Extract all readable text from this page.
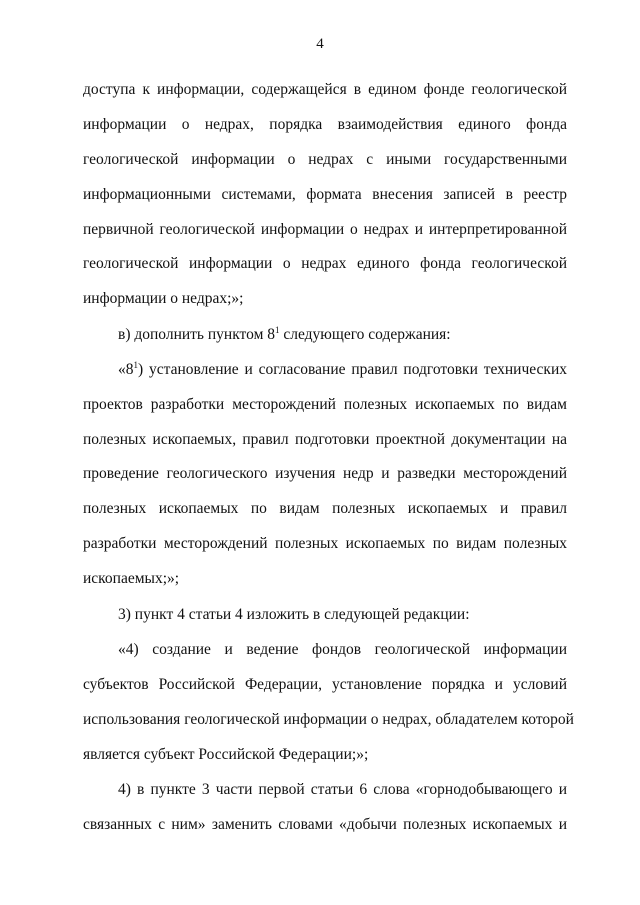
4
доступа к информации, содержащейся в едином фонде геологической
информации о недрах, порядка взаимодействия единого фонда
геологической информации о недрах с иными государственными
информационными системами, формата внесения записей в реестр
первичной геологической информации о недрах и интерпретированной
геологической информации о недрах единого фонда геологической
информации о недрах;»;
в) дополнить пунктом $8^1$ следующего содержания:
«$8^1$) установление и согласование правил подготовки технических
проектов разработки месторождений полезных ископаемых по видам
полезных ископаемых, правил подготовки проектной документации на
проведение геологического изучения недр и разведки месторождений
полезных ископаемых по видам полезных ископаемых и правил
разработки месторождений полезных ископаемых по видам полезных
ископаемых;»;
3) пункт 4 статьи 4 изложить в следующей редакции:
«4) создание и ведение фондов геологической информации
субъектов Российской Федерации, установление порядка и условий
использования геологической информации о недрах, обладателем которой
является субъект Российской Федерации;»;
4) в пункте 3 части первой статьи 6 слова «горнодобывающего и
связанных с ним» заменить словами «добычи полезных ископаемых и
